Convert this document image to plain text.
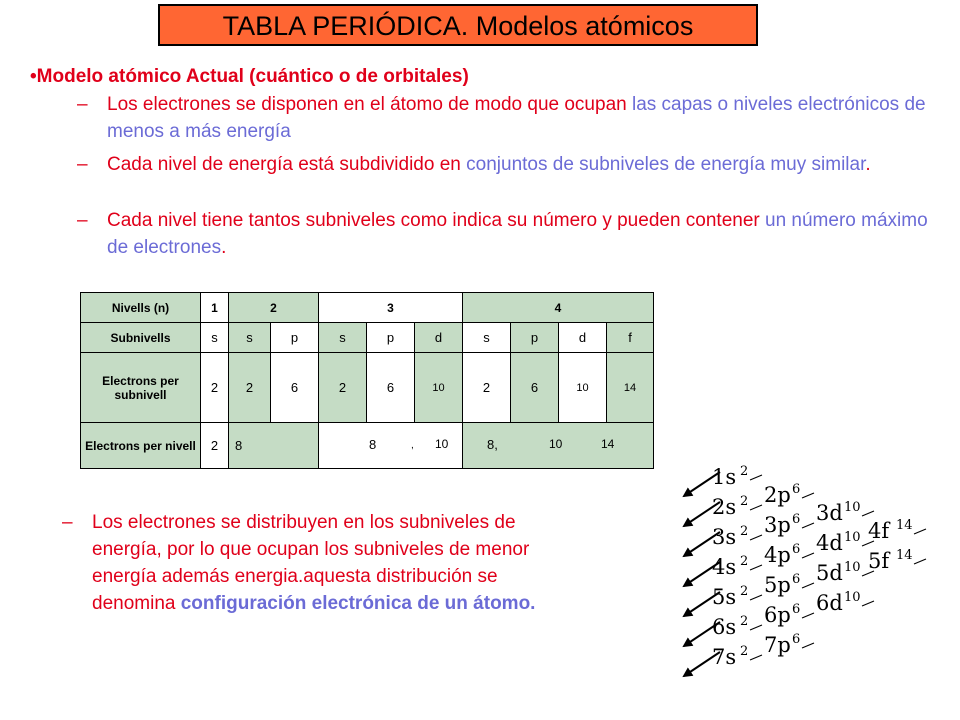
TABLA PERIÓDICA. Modelos atómicos
•Modelo atómico Actual (cuántico o de orbitales)
– Los electrones se disponen en el átomo de modo que ocupan las capas o niveles electrónicos de menos a más energía
– Cada nivel de energía está subdividido en conjuntos de subniveles de energía muy similar.
– Cada nivel tiene tantos subniveles como indica su número y pueden contener un número máximo de electrones.
Nivells (n)	1	2		3			4			
Subnivells	s	s	p	s	p	d	s	p	d	f
Electrons per subnivell	2	2	6	2	6	10	2	6	10	14
Electrons per nivell	2	8		8 , 10			8, 10 14			
– Los electrones se distribuyen en los subniveles de energía, por lo que ocupan los subniveles de menor energía además energia.aquesta distribución se denomina configuración electrónica de un átomo.
1s 2
2s 2 2p 6
3s 2 3p 6 3d 10
4s 2 4p 6 4d 10 4f 14
5s 2 5p 6 5d 10 5f 14
6s 2 6p 6 6d 10
7s 2 7p 6
